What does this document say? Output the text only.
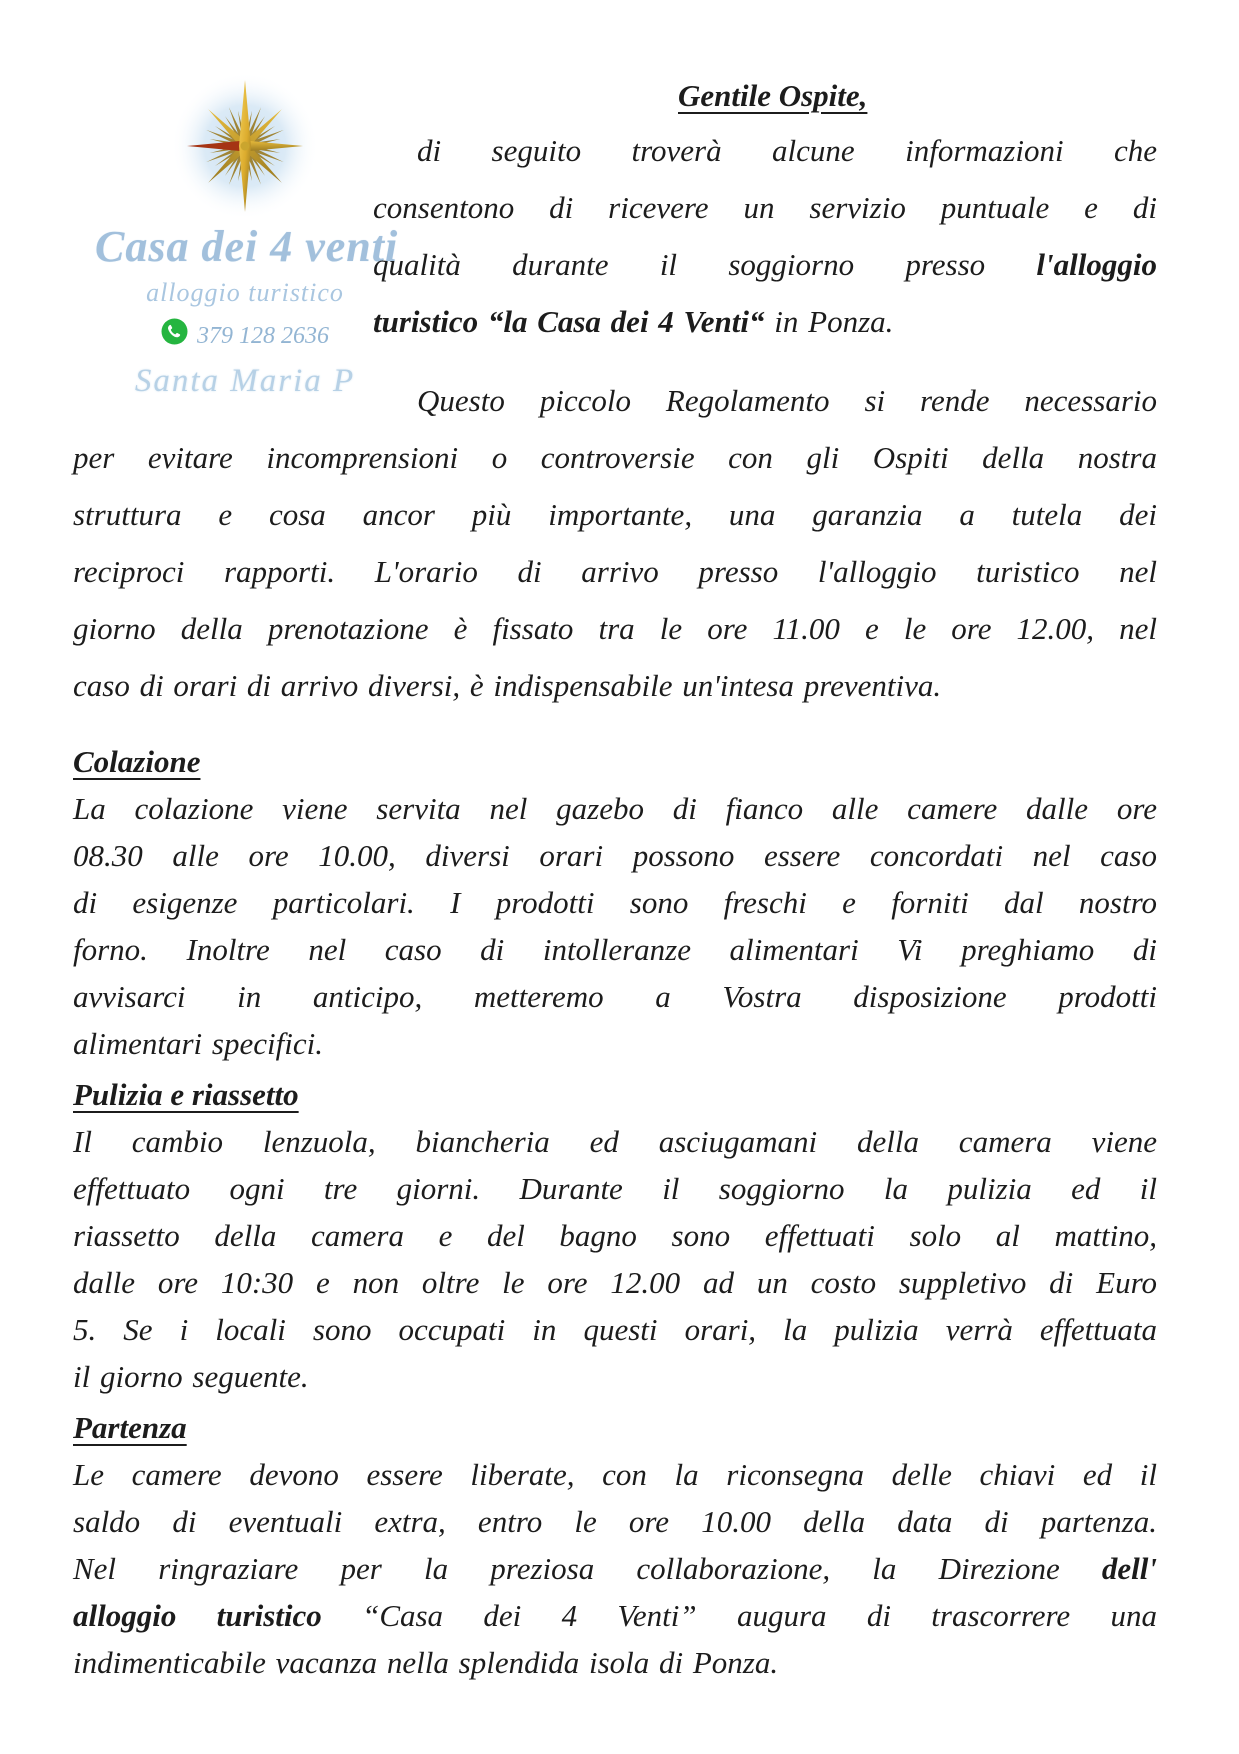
Casa dei 4 venti
alloggio turistico
379 128 2636
Santa Maria P
Gentile Ospite,
di seguito troverà alcune informazioni che
consentono di ricevere un servizio puntuale e di
qualità durante il soggiorno presso l'alloggio
turistico “la Casa dei 4 Venti“ in Ponza.
Questo piccolo Regolamento si rende necessario
per evitare incomprensioni o controversie con gli Ospiti della nostra
struttura e cosa ancor più importante, una garanzia a tutela dei
reciproci rapporti. L'orario di arrivo presso l'alloggio turistico nel
giorno della prenotazione è fissato tra le ore 11.00 e le ore 12.00, nel
caso di orari di arrivo diversi, è indispensabile un'intesa preventiva.
Colazione
La colazione viene servita nel gazebo di fianco alle camere dalle ore
08.30 alle ore 10.00, diversi orari possono essere concordati nel caso
di esigenze particolari. I prodotti sono freschi e forniti dal nostro
forno. Inoltre nel caso di intolleranze alimentari Vi preghiamo di
avvisarci in anticipo, metteremo a Vostra disposizione prodotti
alimentari specifici.
Pulizia e riassetto
Il cambio lenzuola, biancheria ed asciugamani della camera viene
effettuato ogni tre giorni. Durante il soggiorno la pulizia ed il
riassetto della camera e del bagno sono effettuati solo al mattino,
dalle ore 10:30 e non oltre le ore 12.00 ad un costo suppletivo di Euro
5. Se i locali sono occupati in questi orari, la pulizia verrà effettuata
il giorno seguente.
Partenza
Le camere devono essere liberate, con la riconsegna delle chiavi ed il
saldo di eventuali extra, entro le ore 10.00 della data di partenza.
Nel ringraziare per la preziosa collaborazione, la Direzione dell'
alloggio turistico “Casa dei 4 Venti” augura di trascorrere una
indimenticabile vacanza nella splendida isola di Ponza.
